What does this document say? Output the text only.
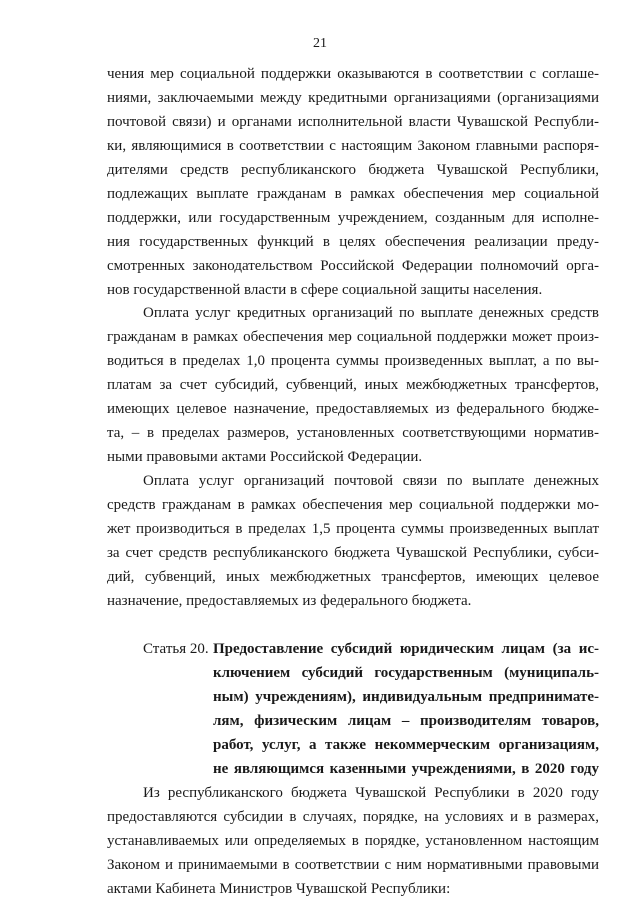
21
чения мер социальной поддержки оказываются в соответствии с соглаше-
ниями, заключаемыми между кредитными организациями (организациями
почтовой связи) и органами исполнительной власти Чувашской Республи-
ки, являющимися в соответствии с настоящим Законом главными распоря-
дителями средств республиканского бюджета Чувашской Республики,
подлежащих выплате гражданам в рамках обеспечения мер социальной
поддержки, или государственным учреждением, созданным для исполне-
ния государственных функций в целях обеспечения реализации преду-
смотренных законодательством Российской Федерации полномочий орга-
нов государственной власти в сфере социальной защиты населения.
Оплата услуг кредитных организаций по выплате денежных средств
гражданам в рамках обеспечения мер социальной поддержки может произ-
водиться в пределах 1,0 процента суммы произведенных выплат, а по вы-
платам за счет субсидий, субвенций, иных межбюджетных трансфертов,
имеющих целевое назначение, предоставляемых из федерального бюдже-
та, – в пределах размеров, установленных соответствующими норматив-
ными правовыми актами Российской Федерации.
Оплата услуг организаций почтовой связи по выплате денежных
средств гражданам в рамках обеспечения мер социальной поддержки мо-
жет производиться в пределах 1,5 процента суммы произведенных выплат
за счет средств республиканского бюджета Чувашской Республики, субси-
дий, субвенций, иных межбюджетных трансфертов, имеющих целевое
назначение, предоставляемых из федерального бюджета.
Статья 20. Предоставление субсидий юридическим лицам (за ис-
ключением субсидий государственным (муниципаль-
ным) учреждениям), индивидуальным предпринимате-
лям, физическим лицам – производителям товаров,
работ, услуг, а также некоммерческим организациям,
не являющимся казенными учреждениями, в 2020 году
Из республиканского бюджета Чувашской Республики в 2020 году
предоставляются субсидии в случаях, порядке, на условиях и в размерах,
устанавливаемых или определяемых в порядке, установленном настоящим
Законом и принимаемыми в соответствии с ним нормативными правовыми
актами Кабинета Министров Чувашской Республики:
